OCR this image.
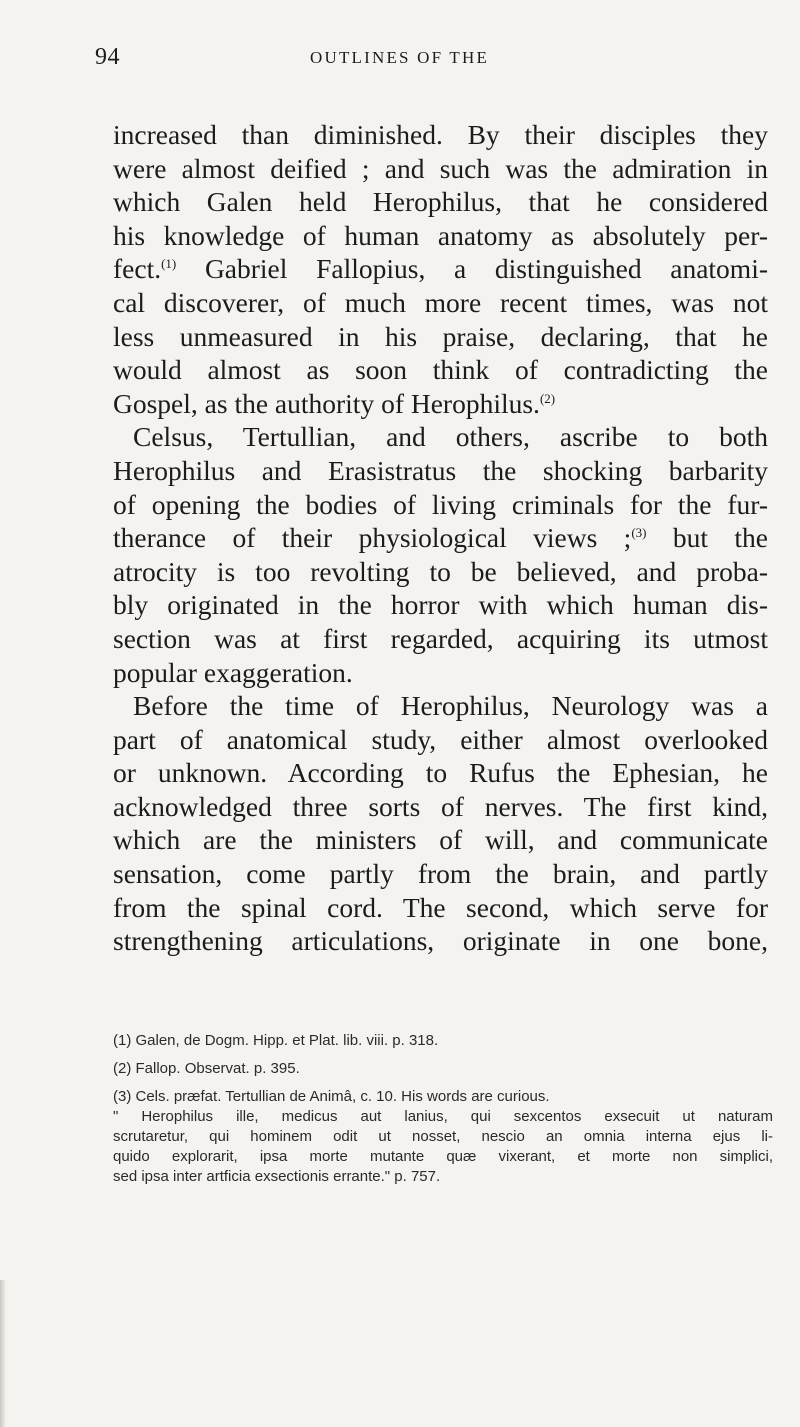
94	OUTLINES OF THE
increased than diminished. By their disciples they
were almost deified ; and such was the admiration in
which Galen held Herophilus, that he considered
his knowledge of human anatomy as absolutely per-
fect.$^{(1)}$ Gabriel Fallopius, a distinguished anatomi-
cal discoverer, of much more recent times, was not
less unmeasured in his praise, declaring, that he
would almost as soon think of contradicting the
Gospel, as the authority of Herophilus.$^{(2)}$
Celsus, Tertullian, and others, ascribe to both
Herophilus and Erasistratus the shocking barbarity
of opening the bodies of living criminals for the fur-
therance of their physiological views ;$^{(3)}$ but the
atrocity is too revolting to be believed, and proba-
bly originated in the horror with which human dis-
section was at first regarded, acquiring its utmost
popular exaggeration.
Before the time of Herophilus, Neurology was a
part of anatomical study, either almost overlooked
or unknown. According to Rufus the Ephesian, he
acknowledged three sorts of nerves. The first kind,
which are the ministers of will, and communicate
sensation, come partly from the brain, and partly
from the spinal cord. The second, which serve for
strengthening articulations, originate in one bone,
(1) Galen, de Dogm. Hipp. et Plat. lib. viii. p. 318.
(2) Fallop. Observat. p. 395.
(3) Cels. præfat. Tertullian de Animâ, c. 10. His words are curious.
" Herophilus ille, medicus aut lanius, qui sexcentos exsecuit ut naturam
scrutaretur, qui hominem odit ut nosset, nescio an omnia interna ejus li-
quido explorarit, ipsa morte mutante quæ vixerant, et morte non simplici,
sed ipsa inter artficia exsectionis errante." p. 757.
